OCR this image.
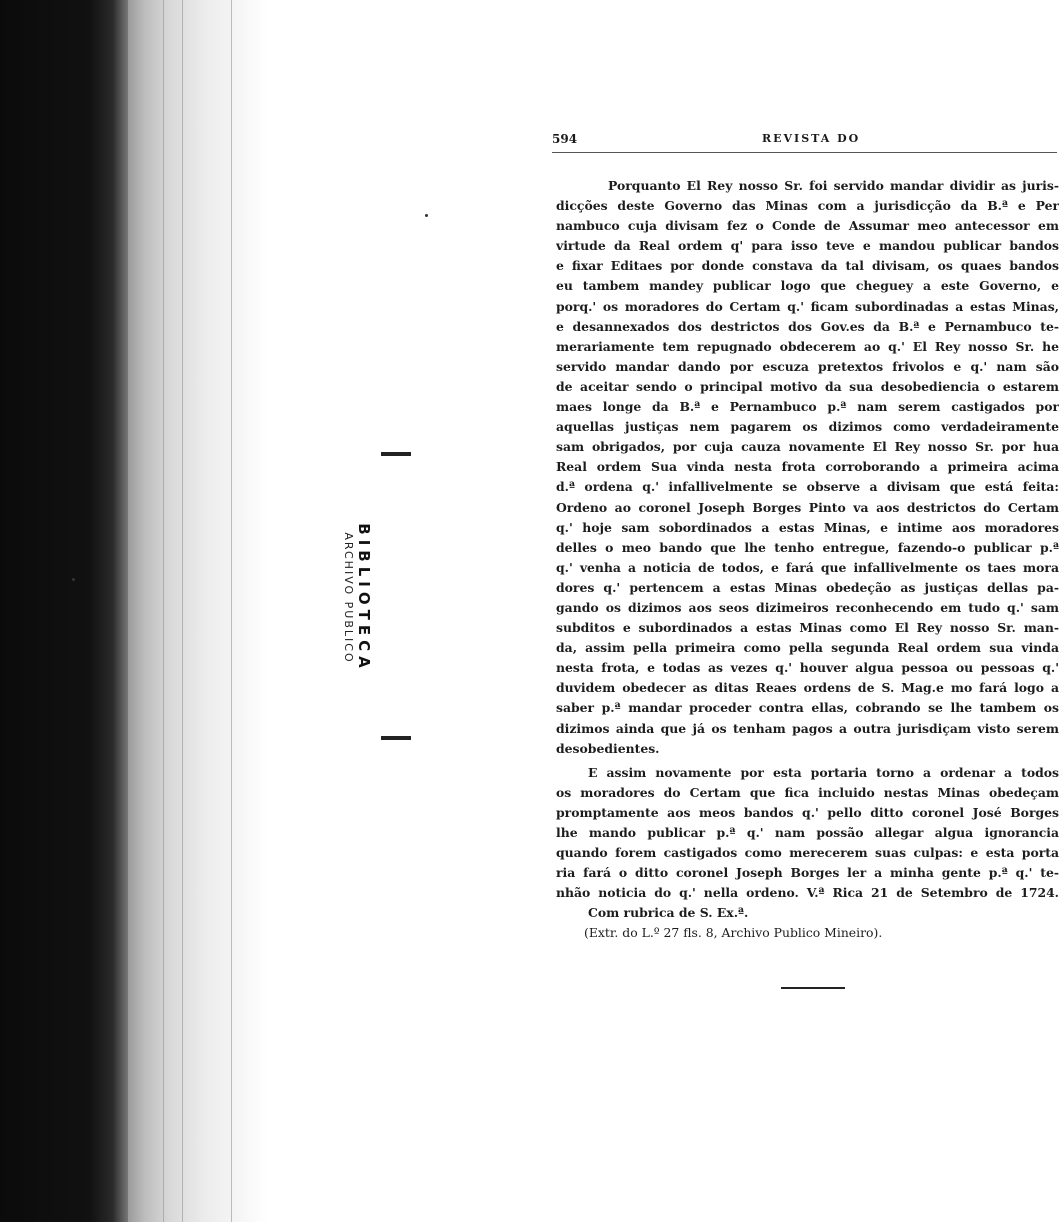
BIBLIOTECA
ARCHIVO PUBLICO
594	REVISTA DO

Porquanto El Rey nosso Sr. foi servido mandar dividir as juris-
dicções deste Governo das Minas com a jurisdicção da B.ª e Per
nambuco cuja divisam fez o Conde de Assumar meo antecessor em
virtude da Real ordem q' para isso teve e mandou publicar bandos
e fixar Editaes por donde constava da tal divisam, os quaes bandos
eu tambem mandey publicar logo que cheguey a este Governo, e
porq.' os moradores do Certam q.' ficam subordinadas a estas Minas,
e desannexados dos destrictos dos Gov.es da B.ª e Pernambuco te-
merariamente tem repugnado obdecerem ao q.' El Rey nosso Sr. he
servido mandar dando por escuza pretextos frivolos e q.' nam são
de aceitar sendo o principal motivo da sua desobediencia o estarem
maes longe da B.ª e Pernambuco p.ª nam serem castigados por
aquellas justiças nem pagarem os dizimos como verdadeiramente
sam obrigados, por cuja cauza novamente El Rey nosso Sr. por hua
Real ordem Sua vinda nesta frota corroborando a primeira acima
d.ª ordena q.' infallivelmente se observe a divisam que está feita:
Ordeno ao coronel Joseph Borges Pinto va aos destrictos do Certam
q.' hoje sam sobordinados a estas Minas, e intime aos moradores
delles o meo bando que lhe tenho entregue, fazendo-o publicar p.ª
q.' venha a noticia de todos, e fará que infallivelmente os taes mora
dores q.' pertencem a estas Minas obedeção as justiças dellas pa-
gando os dizimos aos seos dizimeiros reconhecendo em tudo q.' sam
subditos e subordinados a estas Minas como El Rey nosso Sr. man-
da, assim pella primeira como pella segunda Real ordem sua vinda
nesta frota, e todas as vezes q.' houver algua pessoa ou pessoas q.'
duvidem obedecer as ditas Reaes ordens de S. Mag.e mo fará logo a
saber p.ª mandar proceder contra ellas, cobrando se lhe tambem os
dizimos ainda que já os tenham pagos a outra jurisdiçam visto serem
desobedientes.

E assim novamente por esta portaria torno a ordenar a todos
os moradores do Certam que fica incluido nestas Minas obedeçam
promptamente aos meos bandos q.' pello ditto coronel José Borges
lhe mando publicar p.ª q.' nam possão allegar algua ignorancia
quando forem castigados como merecerem suas culpas: e esta porta
ria fará o ditto coronel Joseph Borges ler a minha gente p.ª q.' te-
nhão noticia do q.' nella ordeno. V.ª Rica 21 de Setembro de 1724.

Com rubrica de S. Ex.ª.

(Extr. do L.º 27 fls. 8, Archivo Publico Mineiro).
